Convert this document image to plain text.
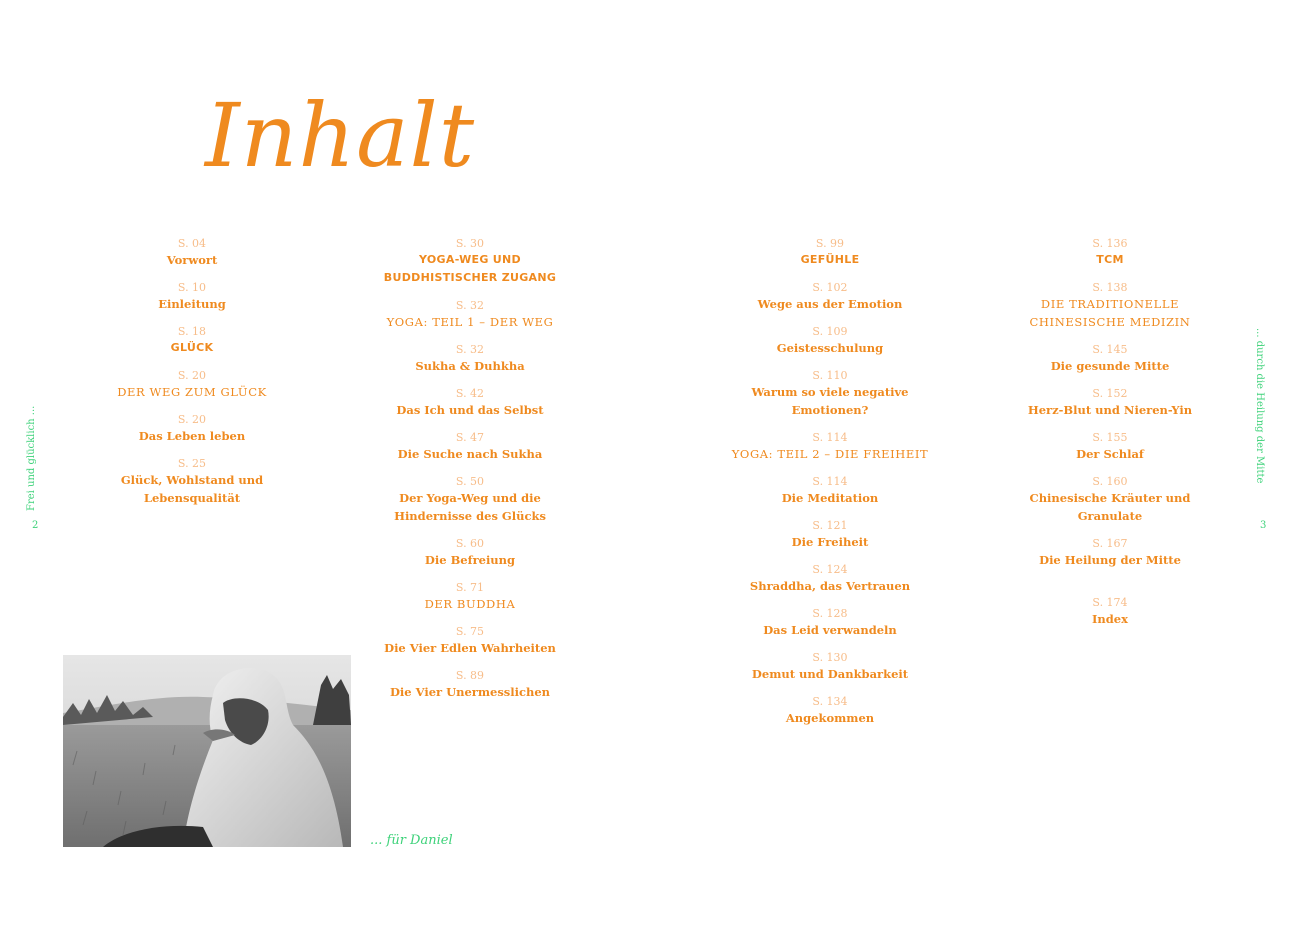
Inhalt
S. 04
Vorwort
S. 10
Einleitung
S. 18
GLÜCK
S. 20
DER WEG ZUM GLÜCK
S. 20
Das Leben leben
S. 25
Glück, Wohlstand und Lebensqualität
S. 30
YOGA-WEG UND BUDDHISTISCHER ZUGANG
S. 32
YOGA: TEIL 1 – DER WEG
S. 32
Sukha & Duhkha
S. 42
Das Ich und das Selbst
S. 47
Die Suche nach Sukha
S. 50
Der Yoga-Weg und die Hindernisse des Glücks
S. 60
Die Befreiung
S. 71
DER BUDDHA
S. 75
Die Vier Edlen Wahrheiten
S. 89
Die Vier Unermesslichen
S. 99
GEFÜHLE
S. 102
Wege aus der Emotion
S. 109
Geistesschulung
S. 110
Warum so viele negative Emotionen?
S. 114
YOGA: TEIL 2 – DIE FREIHEIT
S. 114
Die Meditation
S. 121
Die Freiheit
S. 124
Shraddha, das Vertrauen
S. 128
Das Leid verwandeln
S. 130
Demut und Dankbarkeit
S. 134
Angekommen
S. 136
TCM
S. 138
DIE TRADITIONELLE CHINESISCHE MEDIZIN
S. 145
Die gesunde Mitte
S. 152
Herz-Blut und Nieren-Yin
S. 155
Der Schlaf
S. 160
Chinesische Kräuter und Granulate
S. 167
Die Heilung der Mitte
S. 174
Index
Frei und glücklich ...
2
... durch die Heilung der Mitte
3
... für Daniel
